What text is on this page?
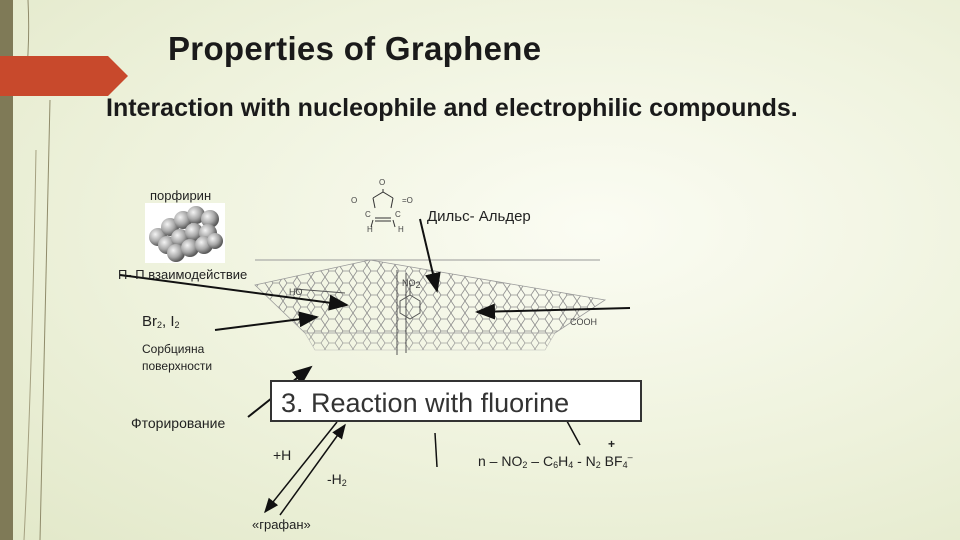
Properties of Graphene

Interaction with nucleophile and electrophilic compounds.

порфирин
П- П взаимодействие
Дильс- Альдер
O
O
C	C
=O
H	H
HO
NO2
COOH
$Br_2$, $I_2$
Сорбцияна
поверхности
3. Reaction with fluorine
Фторирование
+H
$-H_2$
«графан»
+
n – $NO_2 - C_6H_4 - N_2$ $BF_4^-$
